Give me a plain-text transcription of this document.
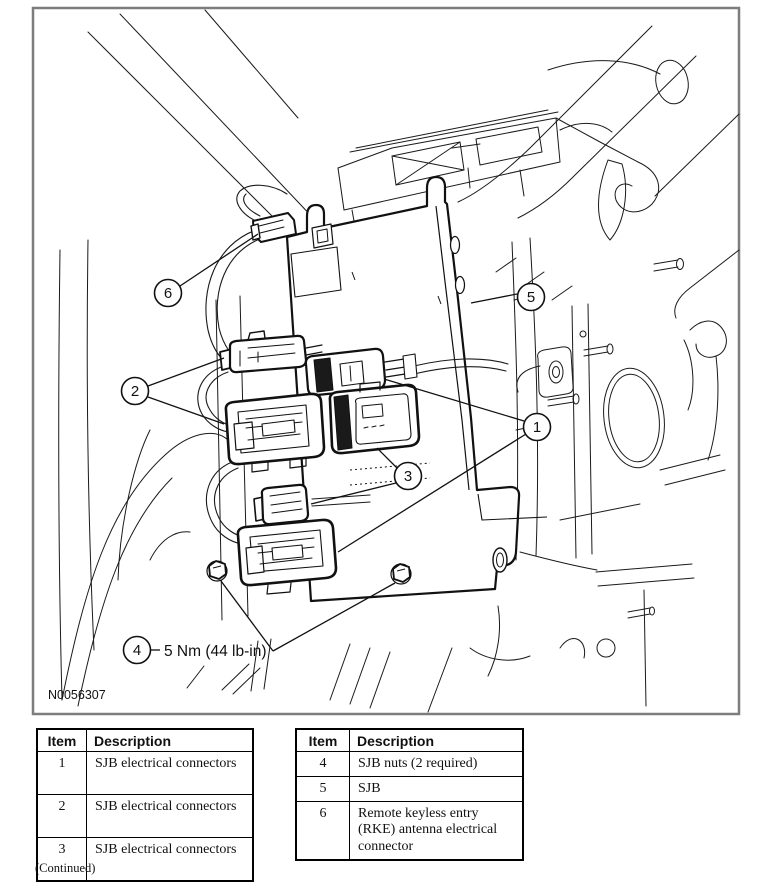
1
2
3
4
5
6
5 Nm (44 lb-in)
N0056307
Item	Description
1	SJB electrical connectors
2	SJB electrical connectors
3	SJB electrical connectors
Item	Description
4	SJB nuts (2 required)
5	SJB
6	Remote keyless entry (RKE) antenna electrical connector
(Continued)
